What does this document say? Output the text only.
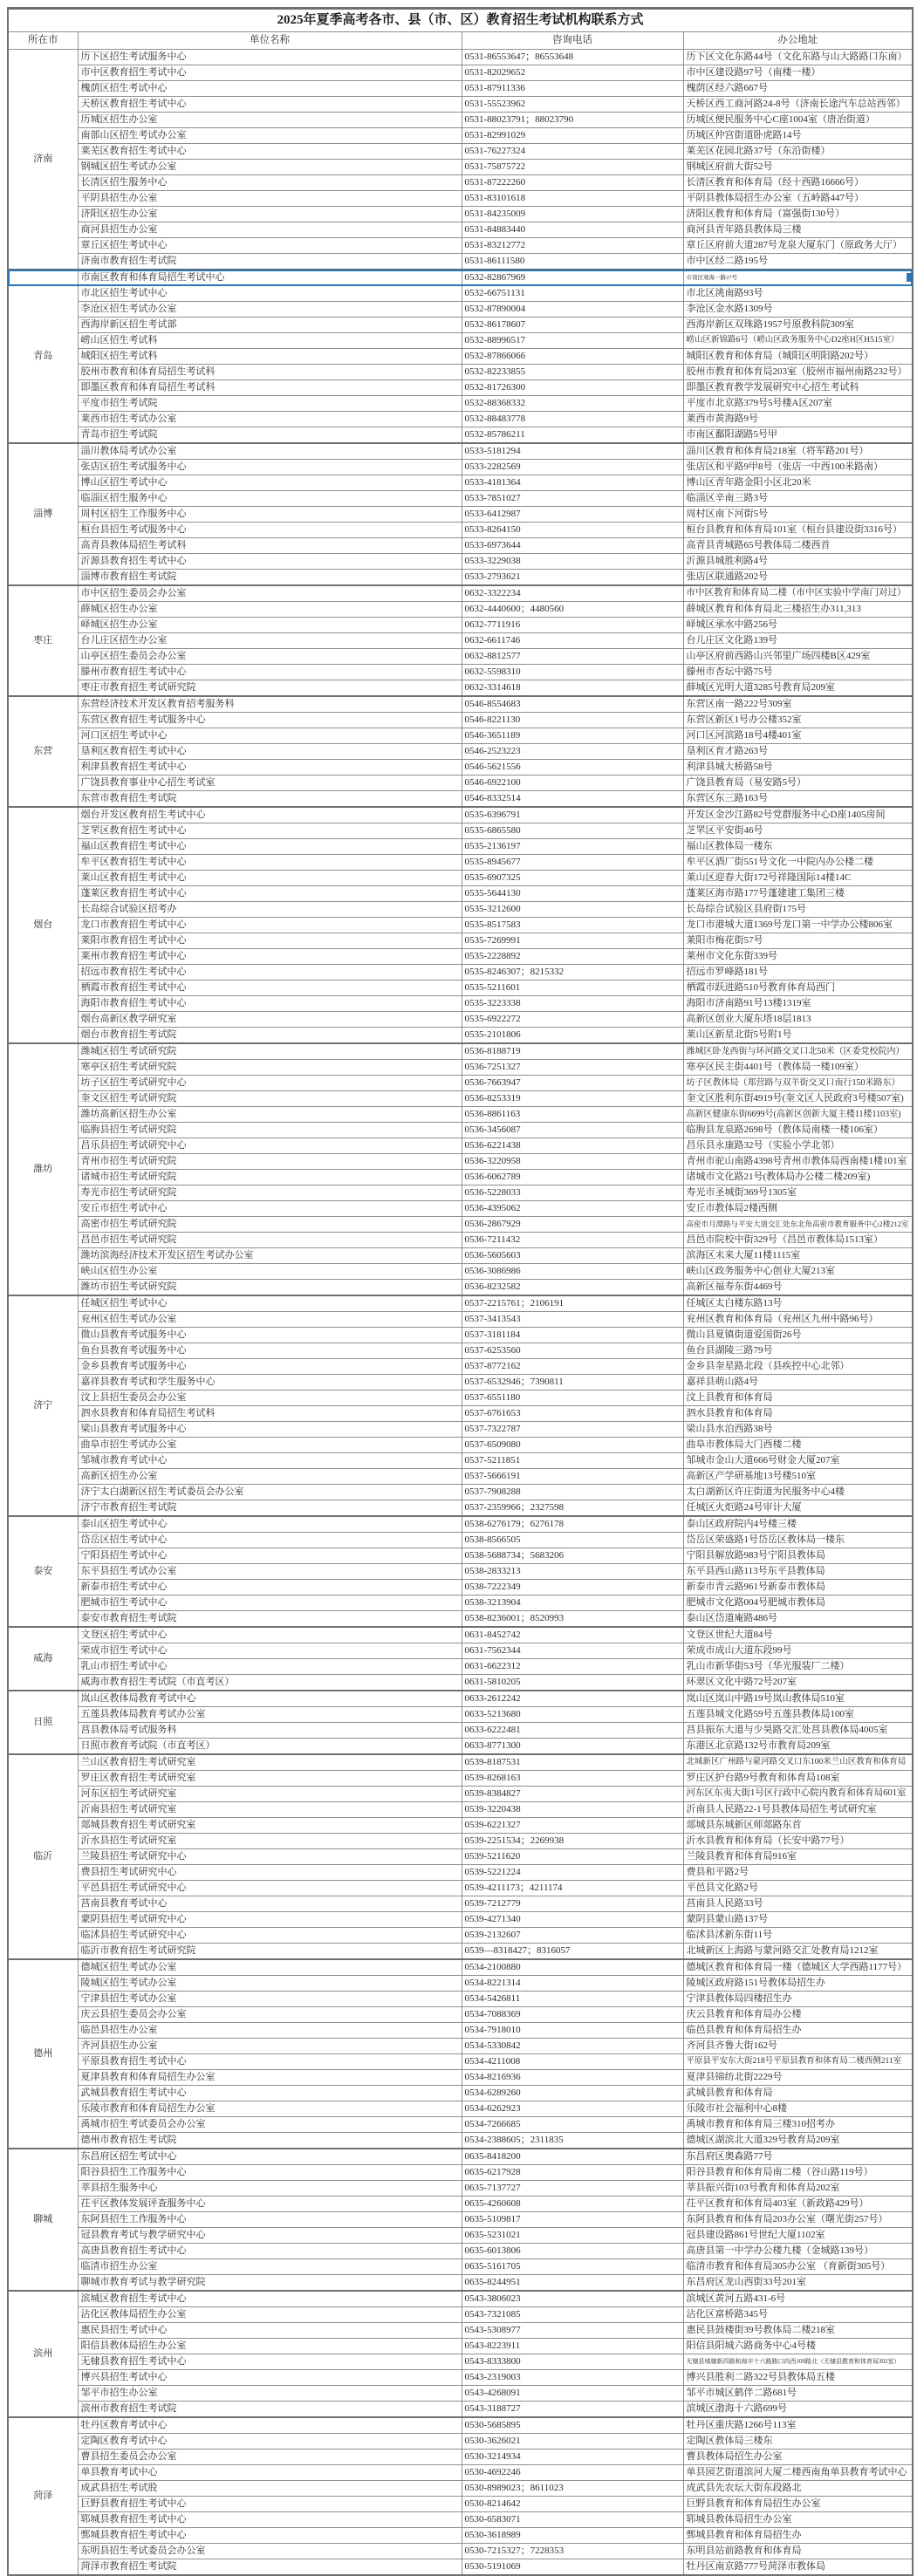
2025年夏季高考各市、县（市、区）教育招生考试机构联系方式			
所在市	单位名称	咨询电话	办公地址
济南	历下区招生考试服务中心	0531-86553647；86553648	历下区文化东路44号（文化东路与山大路路口东南）
	市中区教育招生考试中心	0531-82029652	市中区建设路97号（南楼一楼）
	槐荫区招生考试中心	0531-87911336	槐荫区经六路667号
	天桥区教育招生考试中心	0531-55523962	天桥区西工商河路24-8号（济南长途汽车总站西邻）
	历城区招生办公室	0531-88023791；88023790	历城区便民服务中心C座1004室（唐冶街道）
	南部山区招生考试办公室	0531-82991029	历城区仲宫街道卧虎路14号
	莱芜区教育招生考试中心	0531-76227324	莱芜区花园北路37号（东沿街楼）
	钢城区招生考试办公室	0531-75875722	钢城区府前大街52号
	长清区招生服务中心	0531-87222260	长清区教育和体育局（经十西路16666号）
	平阴县招生办公室	0531-83101618	平阴县教体局招生办公室（五岭路447号）
	济阳区招生办公室	0531-84235009	济阳区教育和体育局（富强街130号）
	商河县招生办公室	0531-84883440	商河县青年路县教体局三楼
	章丘区招生考试中心	0531-83212772	章丘区府前大道287号龙泉大厦东门（原政务大厅）
	济南市教育招生考试院	0531-86111580	市中区经二路195号
青岛	市南区教育和体育局招生考试中心	0532-82867969	市南区观海一路27号

	市北区招生考试中心	0532-66751131	市北区洮南路93号
	李沧区招生考试办公室	0532-87890004	李沧区金水路1309号
	西海岸新区招生考试部	0532-86178607	西海岸新区双珠路1957号原教科院309室
	崂山区招生考试科	0532-88996517	崂山区新锦路6号（崂山区政务服务中心D2座H区H515室）
	城阳区招生考试科	0532-87866066	城阳区教育和体育局（城阳区明阳路202号）
	胶州市教育和体育局招生考试科	0532-82233855	胶州市教育和体育局203室（胶州市福州南路232号）
	即墨区教育和体育局招生考试科	0532-81726300	即墨区教育教学发展研究中心招生考试科
	平度市招生考试院	0532-88368332	平度市北京路379号5号楼A区207室
	莱西市招生考试办公室	0532-88483778	莱西市黄海路9号
	青岛市招生考试院	0532-85786211	市南区鄱阳湖路5号甲
淄博	淄川教体局考试办公室	0533-5181294	淄川区教育和体育局218室（将军路201号）
	张店区招生考试服务中心	0533-2282569	张店区和平路9甲8号（张店一中西100米路南）
	博山区招生考试中心	0533-4181364	博山区青年路金阳小区北20米
	临淄区招生服务中心	0533-7851027	临淄区辛南三路3号
	周村区招生工作服务中心	0533-6412987	周村区南下河街5号
	桓台县招生考试服务中心	0533-8264150	桓台县教育和体育局101室（桓台县建设街3316号）
	高青县教体局招生考试科	0533-6973644	高青县青城路65号教体局二楼西首
	沂源县教育招生考试中心	0533-3229038	沂源县城胜利路4号
	淄博市教育招生考试院	0533-2793621	张店区联通路202号
枣庄	市中区招生委员会办公室	0632-3322234	市中区教育和体育局二楼（市中区实验中学南门对过）
	薛城区招生办公室	0632-4440600；4480560	薛城区教育和体育局北三楼招生办311,313
	峄城区招生办公室	0632-7711916	峄城区承水中路256号
	台儿庄区招生办公室	0632-6611746	台儿庄区文化路139号
	山亭区招生委员会办公室	0632-8812577	山亭区府前西路山兴邻里广场四楼B区429室
	滕州市教育招生考试中心	0632-5598310	滕州市杏坛中路75号
	枣庄市教育招生考试研究院	0632-3314618	薛城区光明大道3285号教育局209室
东营	东营经济技术开发区教育招考服务科	0546-8554683	东营区南一路222号309室
	东营区教育招生考试服务中心	0546-8221130	东营区新区1号办公楼352室
	河口区招生考试中心	0546-3651189	河口区河滨路18号4楼401室
	垦利区教育招生考试中心	0546-2523223	垦利区育才路263号
	利津县教育招生考试中心	0546-5621556	利津县城大桥路58号
	广饶县教育事业中心招生考试室	0546-6922100	广饶县教育局（易安路5号）
	东营市教育招生考试院	0546-8332514	东营区东三路163号
烟台	烟台开发区教育招生考试中心	0535-6396791	开发区金沙江路82号党群服务中心D座1405房间
	芝罘区教育招生考试中心	0535-6865580	芝罘区平安街46号
	福山区教育招生考试中心	0535-2136197	福山区教体局一楼东
	牟平区教育招生考试中心	0535-8945677	牟平区酒厂街551号文化一中院内办公楼二楼
	莱山区教育招生考试中心	0535-6907325	莱山区迎春大街172号祥隆国际14楼14C
	蓬莱区教育招生考试中心	0535-5644130	蓬莱区海市路177号蓬建建工集团三楼
	长岛综合试验区招考办	0535-3212600	长岛综合试验区县府街175号
	龙口市教育招生考试中心	0535-8517583	龙口市港城大道1369号龙口第一中学办公楼806室
	莱阳市教育招生考试中心	0535-7269991	莱阳市梅花街57号
	莱州市教育招生考试中心	0535-2228892	莱州市文化东街339号
	招远市教育招生考试中心	0535-8246307；8215332	招远市罗峰路181号
	栖霞市教育招生考试中心	0535-5211601	栖霞市跃进路510号教育体育局西门
	海阳市教育招生考试中心	0535-3223338	海阳市济南路91号13楼1319室
	烟台高新区教学研究室	0535-6922272	高新区创业大厦东塔18层1813
	烟台市教育招生考试院	0535-2101806	莱山区新星北街5号附1号
潍坊	潍城区招生考试研究院	0536-8188719	潍城区卧龙西街与环河路交叉口北50米（区委党校院内）
	寒亭区招生考试研究院	0536-7251327	寒亭区民主街4401号（教体局一楼109室）
	坊子区招生考试研究中心	0536-7663947	坊子区教体局（郑营路与双羊街交叉口南行150米路东）
	奎文区招生考试研究院	0536-8253319	奎文区胜利东街4919号(奎文区人民政府3号楼507室)
	潍坊高新区招生办公室	0536-8861163	高新区健康东街6699号(高新区创新大厦主楼11楼1103室)
	临朐县招生考试研究院	0536-3456087	临朐县龙泉路2698号（教体局南楼一楼106室）
	昌乐县招生考试研究中心	0536-6221438	昌乐县永康路32号（实验小学北邻）
	青州市招生考试研究院	0536-3220958	青州市驼山南路4398号青州市教体局西南楼1楼101室
	诸城市招生考试研究院	0536-6062789	诸城市文化路21号(教体局办公楼二楼209室)
	寿光市招生考试研究院	0536-5228033	寿光市圣城街369号1305室
	安丘市招生考试中心	0536-4395062	安丘市教体局2楼西侧
	高密市招生考试研究院	0536-2867929	高密市月潭路与平安大道交汇处东北角高密市教育服务中心2楼212室
	昌邑市招生考试研究院	0536-7211432	昌邑市院校中街329号（昌邑市教体局1513室）
	潍坊滨海经济技术开发区招生考试办公室	0536-5605603	滨海区未来大厦11楼1115室
	峡山区招生办公室	0536-3086986	峡山区政务服务中心创业大厦213室
	潍坊市招生考试研究院	0536-8232582	高新区福寿东街4469号
济宁	任城区招生考试中心	0537-2215761；2106191	任城区太白楼东路13号
	兖州区招生考试办公室	0537-3413543	兖州区教育和体育局（兖州区九州中路96号）
	微山县教育考试服务中心	0537-3181184	微山县夏镇街道爱国街26号
	鱼台县教育考试服务中心	0537-6253560	鱼台县湖陵三路79号
	金乡县教育考试服务中心	0537-8772162	金乡县奎星路北段（县疾控中心北邻）
	嘉祥县教育考试和学生服务中心	0537-6532946；7390811	嘉祥县萌山路4号
	汶上县招生委员会办公室	0537-6551180	汶上县教育和体育局
	泗水县教育和体育局招生考试科	0537-6761653	泗水县教育和体育局
	梁山县教育考试服务中心	0537-7322787	梁山县水泊西路38号
	曲阜市招生考试办公室	0537-6509080	曲阜市教体局大门西楼二楼
	邹城市教育考试中心	0537-5211851	邹城市金山大道666号财金大厦207室
	高新区招生办公室	0537-5666191	高新区产学研基地13号楼510室
	济宁太白湖新区招生考试委员会办公室	0537-7908288	太白湖新区许庄街道为民服务中心4楼
	济宁市教育招生考试院	0537-2359966；2327598	任城区火炬路24号审计大厦
泰安	泰山区招生考试中心	0538-6276179；6276178	泰山区政府院内4号楼三楼
	岱岳区招生考试中心	0538-8566505	岱岳区荣盛路1号岱岳区教体局一楼东
	宁阳县招生考试中心	0538-5688734；5683206	宁阳县解放路983号宁阳县教体局
	东平县招生考试办公室	0538-2833213	东平县西山路113号东平县教体局
	新泰市招生考试中心	0538-7222349	新泰市青云路961号新泰市教体局
	肥城市招生考试中心	0538-3213904	肥城市文化路004号肥城市教体局
	泰安市教育招生考试院	0538-8236001；8520993	泰山区岱道庵路486号
威海	文登区招生考试中心	0631-8452742	文登区世纪大道84号
	荣成市招生考试中心	0631-7562344	荣成市成山大道东段99号
	乳山市招生考试中心	0631-6622312	乳山市新华街53号（华光服装厂二楼）
	威海市教育招生考试院（市直考区）	0631-5810205	环翠区文化中路72号207室
日照	岚山区教体局教育考试中心	0633-2612242	岚山区岚山中路19号岚山教体局510室
	五莲县教体局教育考试办公室	0633-5213680	五莲县城文化路59号五莲县教体局100室
	莒县教体局考试服务科	0633-6222481	莒县振东大道与少昊路交汇处莒县教体局4005室
	日照市教育考试院（市直考区）	0633-8771300	东港区北京路132号市教育局209室
临沂	兰山区教育招生考试研究室	0539-8187531	北城新区广州路与蒙河路交叉口东100米兰山区教育和体育局
	罗庄区教育招生考试研究室	0539-8268163	罗庄区护台路9号教育和体育局108室
	河东区招生考试研究室	0539-8384827	河东区东夷大街1号区行政中心院内教育和体育局601室
	沂南县招生考试研究室	0539-3220438	沂南县人民路22-1号县教体局招生考试研究室
	郯城县教育招生考试研究室	0539-6221327	郯城县东城新区师郯路东首
	沂水县招生考试研究室	0539-2251534；2269938	沂水县教育和体育局（长安中路77号）
	兰陵县招生考试研究中心	0539-5211620	兰陵县教育和体育局916室
	费县招生考试研究中心	0539-5221224	费县和平路2号
	平邑县招生考试研究中心	0539-4211173；4211174	平邑县文化路2号
	莒南县教育考试中心	0539-7212779	莒南县人民路33号
	蒙阴县招生考试研究中心	0539-4271340	蒙阴县蒙山路137号
	临沭县招生考试研究中心	0539-2132607	临沭县沭新东街11号
	临沂市教育招生考试研究院	0539—8318427；8316057	北城新区上海路与蒙河路交汇处教育局1212室
德州	德城区招生考试办公室	0534-2100880	德城区教育和体育局一楼（德城区大学西路1177号）
	陵城区招生考试办公室	0534-8221314	陵城区政府路151号教体局招生办
	宁津县招生考试办公室	0534-5426811	宁津县教体局四楼招生办
	庆云县招生委员会办公室	0534-7088369	庆云县教育和体育局办公楼
	临邑县招生办公室	0534-7918010	临邑县教育和体育局招生办
	齐河县招生办公室	0534-5330842	齐河县齐鲁大街162号
	平原县教育招生考试中心	0534-4211008	平原县平安东大街218号平原县教育和体育局二楼西侧211室
	夏津县教育和体育局招生办公室	0534-8216936	夏津县锦纺北街2229号
	武城县教育招生考试中心	0534-6289260	武城县教育和体育局
	乐陵市教育和体育局招生办公室	0534-6262923	乐陵市社会福利中心8楼
	禹城市招生考试委员会办公室	0534-7266685	禹城市教育和体育局三楼310招考办
	德州市教育招生考试院	0534-2388605；2311835	德城区湖滨北大道329号教育局209室
聊城	东昌府区招生考试中心	0635-8418200	东昌府区奥森路77号
	阳谷县招生工作服务中心	0635-6217928	阳谷县教育和体育局南二楼（谷山路119号）
	莘县招生服务中心	0635-7137727	莘县振兴街103号教育和体育局202室
	茌平区教体发展评查服务中心	0635-4260608	茌平区教育和体育局403室（新政路429号）
	东阿县招生工作服务中心	0635-5109817	东阿县教育和体育局203办公室（曙光街257号）
	冠县教育考试与教学研究中心	0635-5231021	冠县建设路861号世纪大厦1102室
	高唐县教育招生考试中心	0635-6013806	高唐县第一中学办公楼九楼（金城路139号）
	临清市招生办公室	0635-5161705	临清市教育和体育局305办公室 （育新街305号）
	聊城市教育考试与教学研究院	0635-8244951	东昌府区龙山西街33号201室
滨州	滨城区教育招生考试中心	0543-3806023	滨城区黄河五路431-6号
	沾化区教体局招生办公室	0543-7321085	沾化区富桥路345号
	惠民县招生考试中心	0543-5308977	惠民县鼓楼街39号教体局二楼218室
	阳信县教体局招生办公室	0543-8223911	阳信县阳城六路商务中心4号楼
	无棣县教育招生考试中心	0543-8333800	无棣县城棣新四路和海丰十六路路口向西100路北（无棣县教育和体育局302室）
	博兴县招生考试中心	0543-2319003	博兴县胜利二路322号县教体局五楼
	邹平市招生办公室	0543-4268091	邹平市城区鹤伴二路681号
	滨州市教育招生考试院	0543-3188727	滨城区渤海十六路699号
菏泽	牡丹区教育考试中心	0530-5685895	牡丹区重庆路1266号113室
	定陶区教育考试中心	0530-3626021	定陶区教体局三楼东
	曹县招生委员会办公室	0530-3214934	曹县教体局招生办公室
	单县教育考试中心	0530-4692246	单县园艺街道滨河大厦二楼西南角单县教育考试中心
	成武县招生考试股	0530-8989023；8611023	成武县先农坛大街东段路北
	巨野县教育招生考试中心	0530-8214642	巨野县教育和体育局招生办公室
	郓城县教育招生考试中心	0530-6583071	郓城县教体局招生办公室
	鄄城县教育招生考试中心	0530-3618989	鄄城县教育和体育局招生办
	东明县招生考试委员会办公室	0530-7215327；7228353	东明县站前路教育和体育局
	菏泽市教育招生考试院	0530-5191069	牡丹区南京路777号菏泽市教体局
